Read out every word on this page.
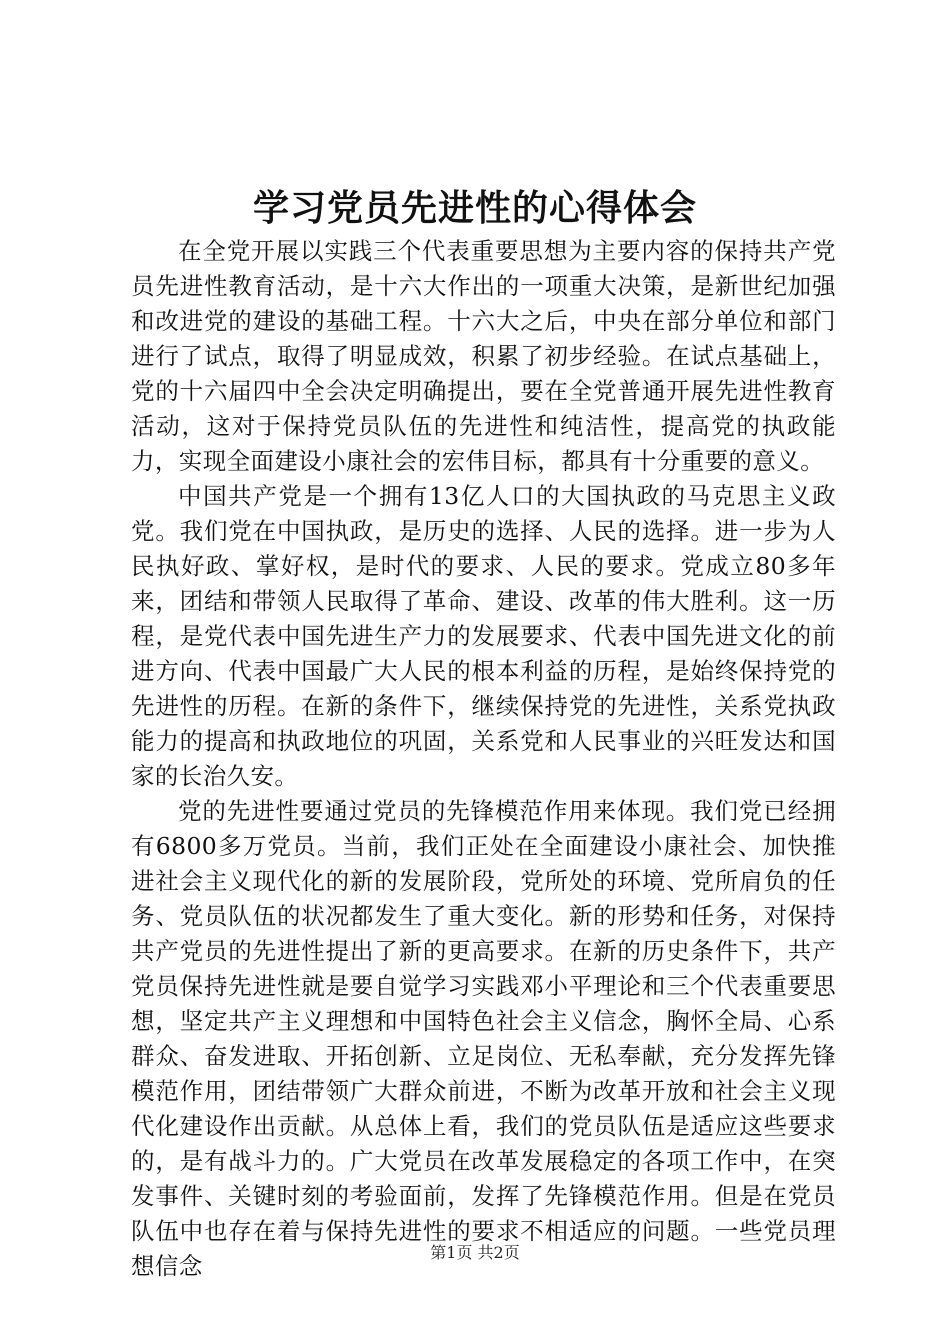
学习党员先进性的心得体会

在全党开展以实践三个代表重要思想为主要内容的保持共产党员先进性教育活动，是十六大作出的一项重大决策，是新世纪加强和改进党的建设的基础工程。十六大之后，中央在部分单位和部门进行了试点，取得了明显成效，积累了初步经验。在试点基础上，党的十六届四中全会决定明确提出，要在全党普通开展先进性教育活动，这对于保持党员队伍的先进性和纯洁性，提高党的执政能力，实现全面建设小康社会的宏伟目标，都具有十分重要的意义。

中国共产党是一个拥有13亿人口的大国执政的马克思主义政党。我们党在中国执政，是历史的选择、人民的选择。进一步为人民执好政、掌好权，是时代的要求、人民的要求。党成立80多年来，团结和带领人民取得了革命、建设、改革的伟大胜利。这一历程，是党代表中国先进生产力的发展要求、代表中国先进文化的前进方向、代表中国最广大人民的根本利益的历程，是始终保持党的先进性的历程。在新的条件下，继续保持党的先进性，关系党执政能力的提高和执政地位的巩固，关系党和人民事业的兴旺发达和国家的长治久安。

党的先进性要通过党员的先锋模范作用来体现。我们党已经拥有6800多万党员。当前，我们正处在全面建设小康社会、加快推进社会主义现代化的新的发展阶段，党所处的环境、党所肩负的任务、党员队伍的状况都发生了重大变化。新的形势和任务，对保持共产党员的先进性提出了新的更高要求。在新的历史条件下，共产党员保持先进性就是要自觉学习实践邓小平理论和三个代表重要思想，坚定共产主义理想和中国特色社会主义信念，胸怀全局、心系群众、奋发进取、开拓创新、立足岗位、无私奉献，充分发挥先锋模范作用，团结带领广大群众前进，不断为改革开放和社会主义现代化建设作出贡献。从总体上看，我们的党员队伍是适应这些要求的，是有战斗力的。广大党员在改革发展稳定的各项工作中，在突发事件、关键时刻的考验面前，发挥了先锋模范作用。但是在党员队伍中也存在着与保持先进性的要求不相适应的问题。一些党员理想信念	第1页 共2页
